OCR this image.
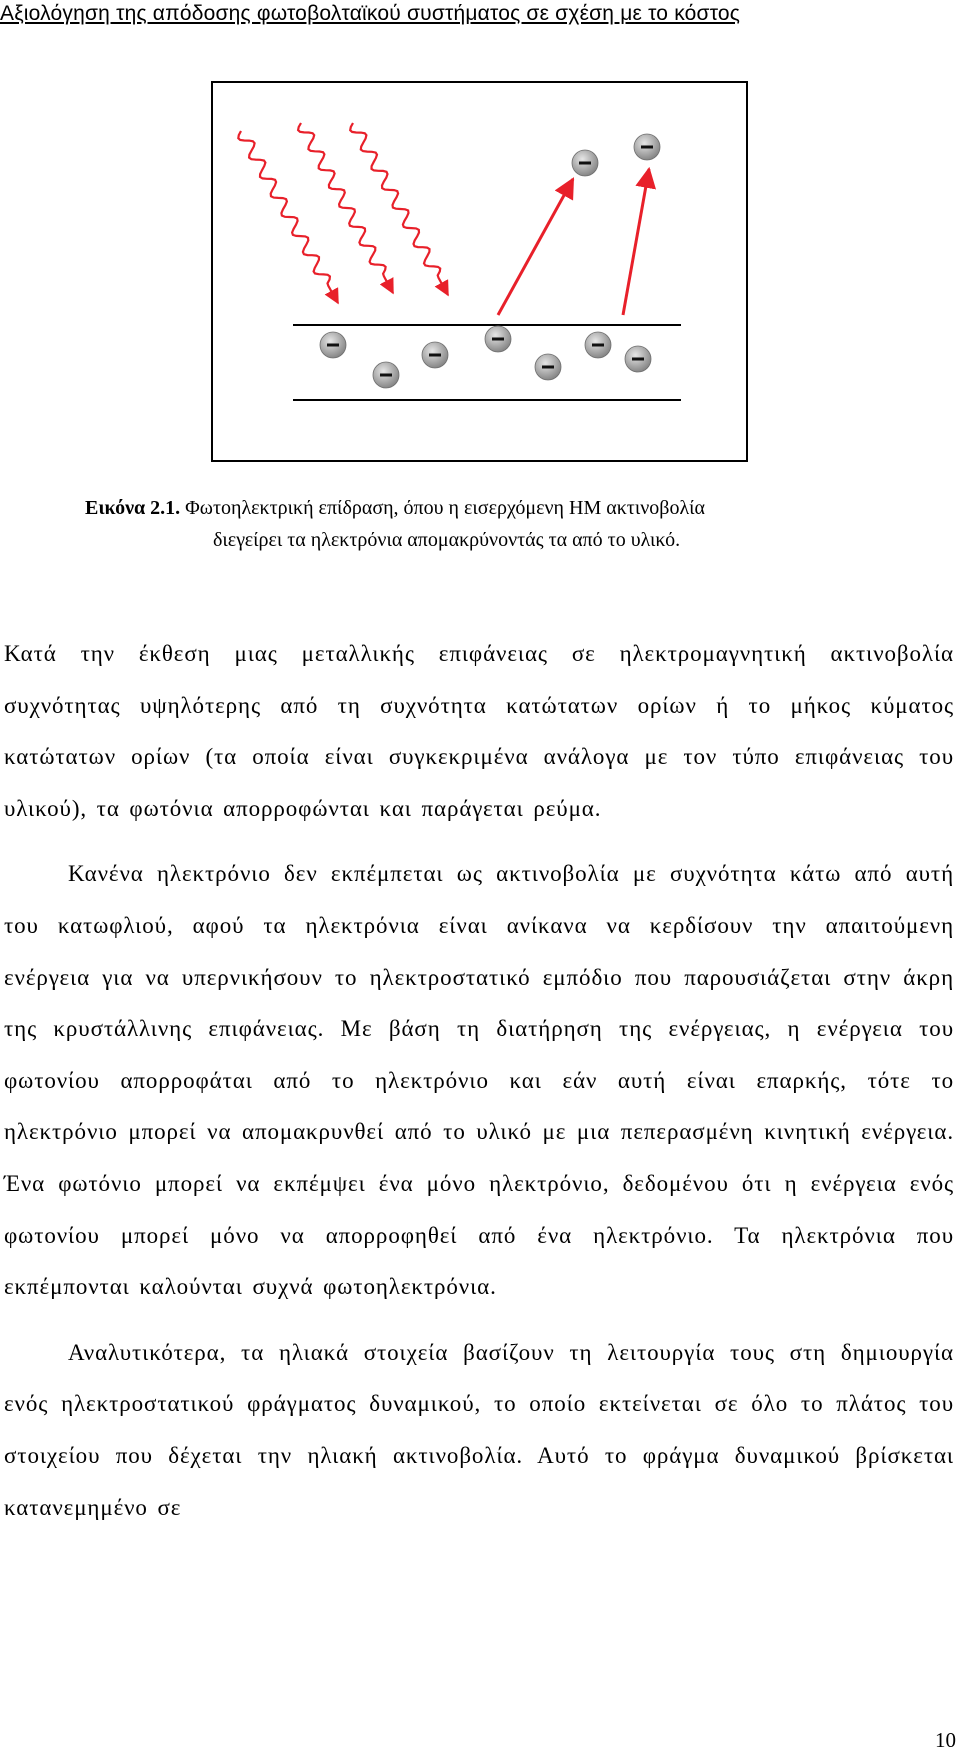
Αξιολόγηση της απόδοσης φωτοβολταϊκού συστήματος σε σχέση με το κόστος
Εικόνα 2.1. Φωτοηλεκτρική επίδραση, όπου η εισερχόμενη ΗΜ ακτινοβολία
διεγείρει τα ηλεκτρόνια απομακρύνοντάς τα από το υλικό.

Κατά την έκθεση μιας μεταλλικής επιφάνειας σε ηλεκτρομαγνητική ακτινοβολία συχνότητας υψηλότερης από τη συχνότητα κατώτατων ορίων ή το μήκος κύματος κατώτατων ορίων (τα οποία είναι συγκεκριμένα ανάλογα με τον τύπο επιφάνειας του υλικού), τα φωτόνια απορροφώνται και παράγεται ρεύμα.

Κανένα ηλεκτρόνιο δεν εκπέμπεται ως ακτινοβολία με συχνότητα κάτω από αυτή του κατωφλιού, αφού τα ηλεκτρόνια είναι ανίκανα να κερδίσουν την απαιτούμενη ενέργεια για να υπερνικήσουν το ηλεκτροστατικό εμπόδιο που παρουσιάζεται στην άκρη της κρυστάλλινης επιφάνειας. Με βάση τη διατήρηση της ενέργειας, η ενέργεια του φωτονίου απορροφάται από το ηλεκτρόνιο και εάν αυτή είναι επαρκής, τότε το ηλεκτρόνιο μπορεί να απομακρυνθεί από το υλικό με μια πεπερασμένη κινητική ενέργεια. Ένα φωτόνιο μπορεί να εκπέμψει ένα μόνο ηλεκτρόνιο, δεδομένου ότι η ενέργεια ενός φωτονίου μπορεί μόνο να απορροφηθεί από ένα ηλεκτρόνιο. Τα ηλεκτρόνια που εκπέμπονται καλούνται συχνά φωτοηλεκτρόνια.

Αναλυτικότερα, τα ηλιακά στοιχεία βασίζουν τη λειτουργία τους στη δημιουργία ενός ηλεκτροστατικού φράγματος δυναμικού, το οποίο εκτείνεται σε όλο το πλάτος του στοιχείου που δέχεται την ηλιακή ακτινοβολία. Αυτό το φράγμα δυναμικού βρίσκεται κατανεμημένο σε

10
